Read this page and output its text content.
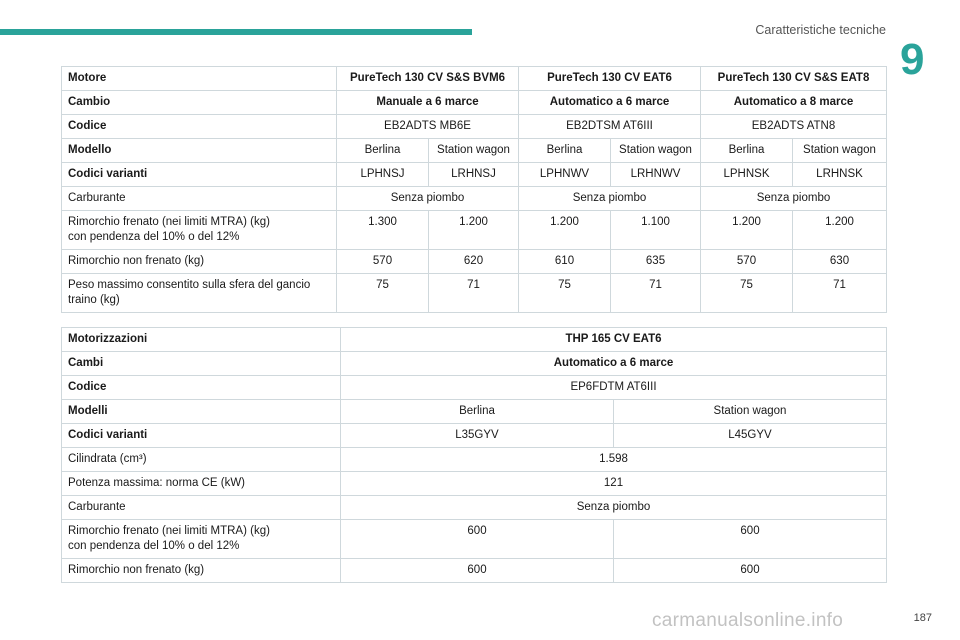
Caratteristiche tecniche
9
Motore	PureTech 130 CV S&S BVM6		PureTech 130 CV EAT6		PureTech 130 CV S&S EAT8	
Cambio	Manuale a 6 marce		Automatico a 6 marce		Automatico a 8 marce	
Codice	EB2ADTS MB6E		EB2DTSM AT6III		EB2ADTS ATN8	
Modello	Berlina	Station wagon	Berlina	Station wagon	Berlina	Station wagon
Codici varianti	LPHNSJ	LRHNSJ	LPHNWV	LRHNWV	LPHNSK	LRHNSK
Carburante	Senza piombo		Senza piombo		Senza piombo	
Rimorchio frenato (nei limiti MTRA) (kg)
con pendenza del 10% o del 12%	1.300	1.200	1.200	1.100	1.200	1.200
Rimorchio non frenato (kg)	570	620	610	635	570	630
Peso massimo consentito sulla sfera del gancio
traino (kg)	75	71	75	71	75	71
Motorizzazioni	THP 165 CV EAT6	
Cambi	Automatico a 6 marce	
Codice	EP6FDTM AT6III	
Modelli	Berlina	Station wagon
Codici varianti	L35GYV	L45GYV
Cilindrata (cm³)	1.598	
Potenza massima: norma CE (kW)	121	
Carburante	Senza piombo	
Rimorchio frenato (nei limiti MTRA) (kg)
con pendenza del 10% o del 12%	600	600
Rimorchio non frenato (kg)	600	600
carmanualsonline.info	187
